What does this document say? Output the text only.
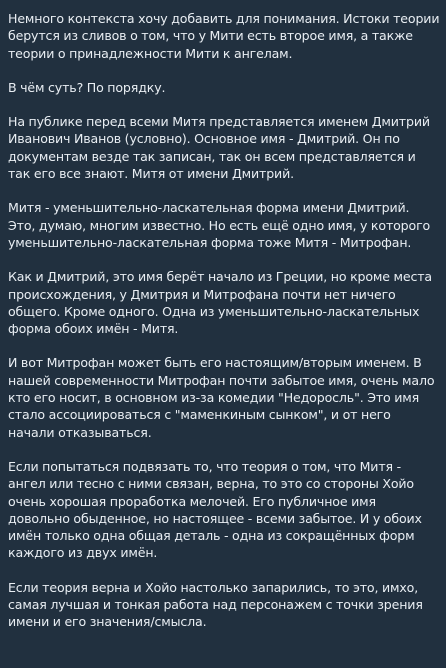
Немного контекста хочу добавить для понимания. Истоки теории берутся из сливов о том, что у Мити есть второе имя, а также теории о принадлежности Мити к ангелам.

В чём суть? По порядку.

На публике перед всеми Митя представляется именем Дмитрий Иванович Иванов (условно). Основное имя - Дмитрий. Он по документам везде так записан, так он всем представляется и так его все знают. Митя от имени Дмитрий.

Митя - уменьшительно-ласкательная форма имени Дмитрий. Это, думаю, многим известно. Но есть ещё одно имя, у которого уменьшительно-ласкательная форма тоже Митя - Митрофан.

Как и Дмитрий, это имя берёт начало из Греции, но кроме места происхождения, у Дмитрия и Митрофана почти нет ничего общего. Кроме одного. Одна из уменьшительно-ласкательных форма обоих имён - Митя.

И вот Митрофан может быть его настоящим/вторым именем. В нашей современности Митрофан почти забытое имя, очень мало кто его носит, в основном из-за комедии "Недоросль". Это имя стало ассоциироваться с "маменкиным сынком", и от него начали отказываться.

Если попытаться подвязать то, что теория о том, что Митя - ангел или тесно с ними связан, верна, то это со стороны Хойо очень хорошая проработка мелочей. Его публичное имя довольно обыденное, но настоящее - всеми забытое. И у обоих имён только одна общая деталь - одна из сокращённых форм каждого из двух имён.

Если теория верна и Хойо настолько запарились, то это, имхо, самая лучшая и тонкая работа над персонажем с точки зрения имени и его значения/смысла.
